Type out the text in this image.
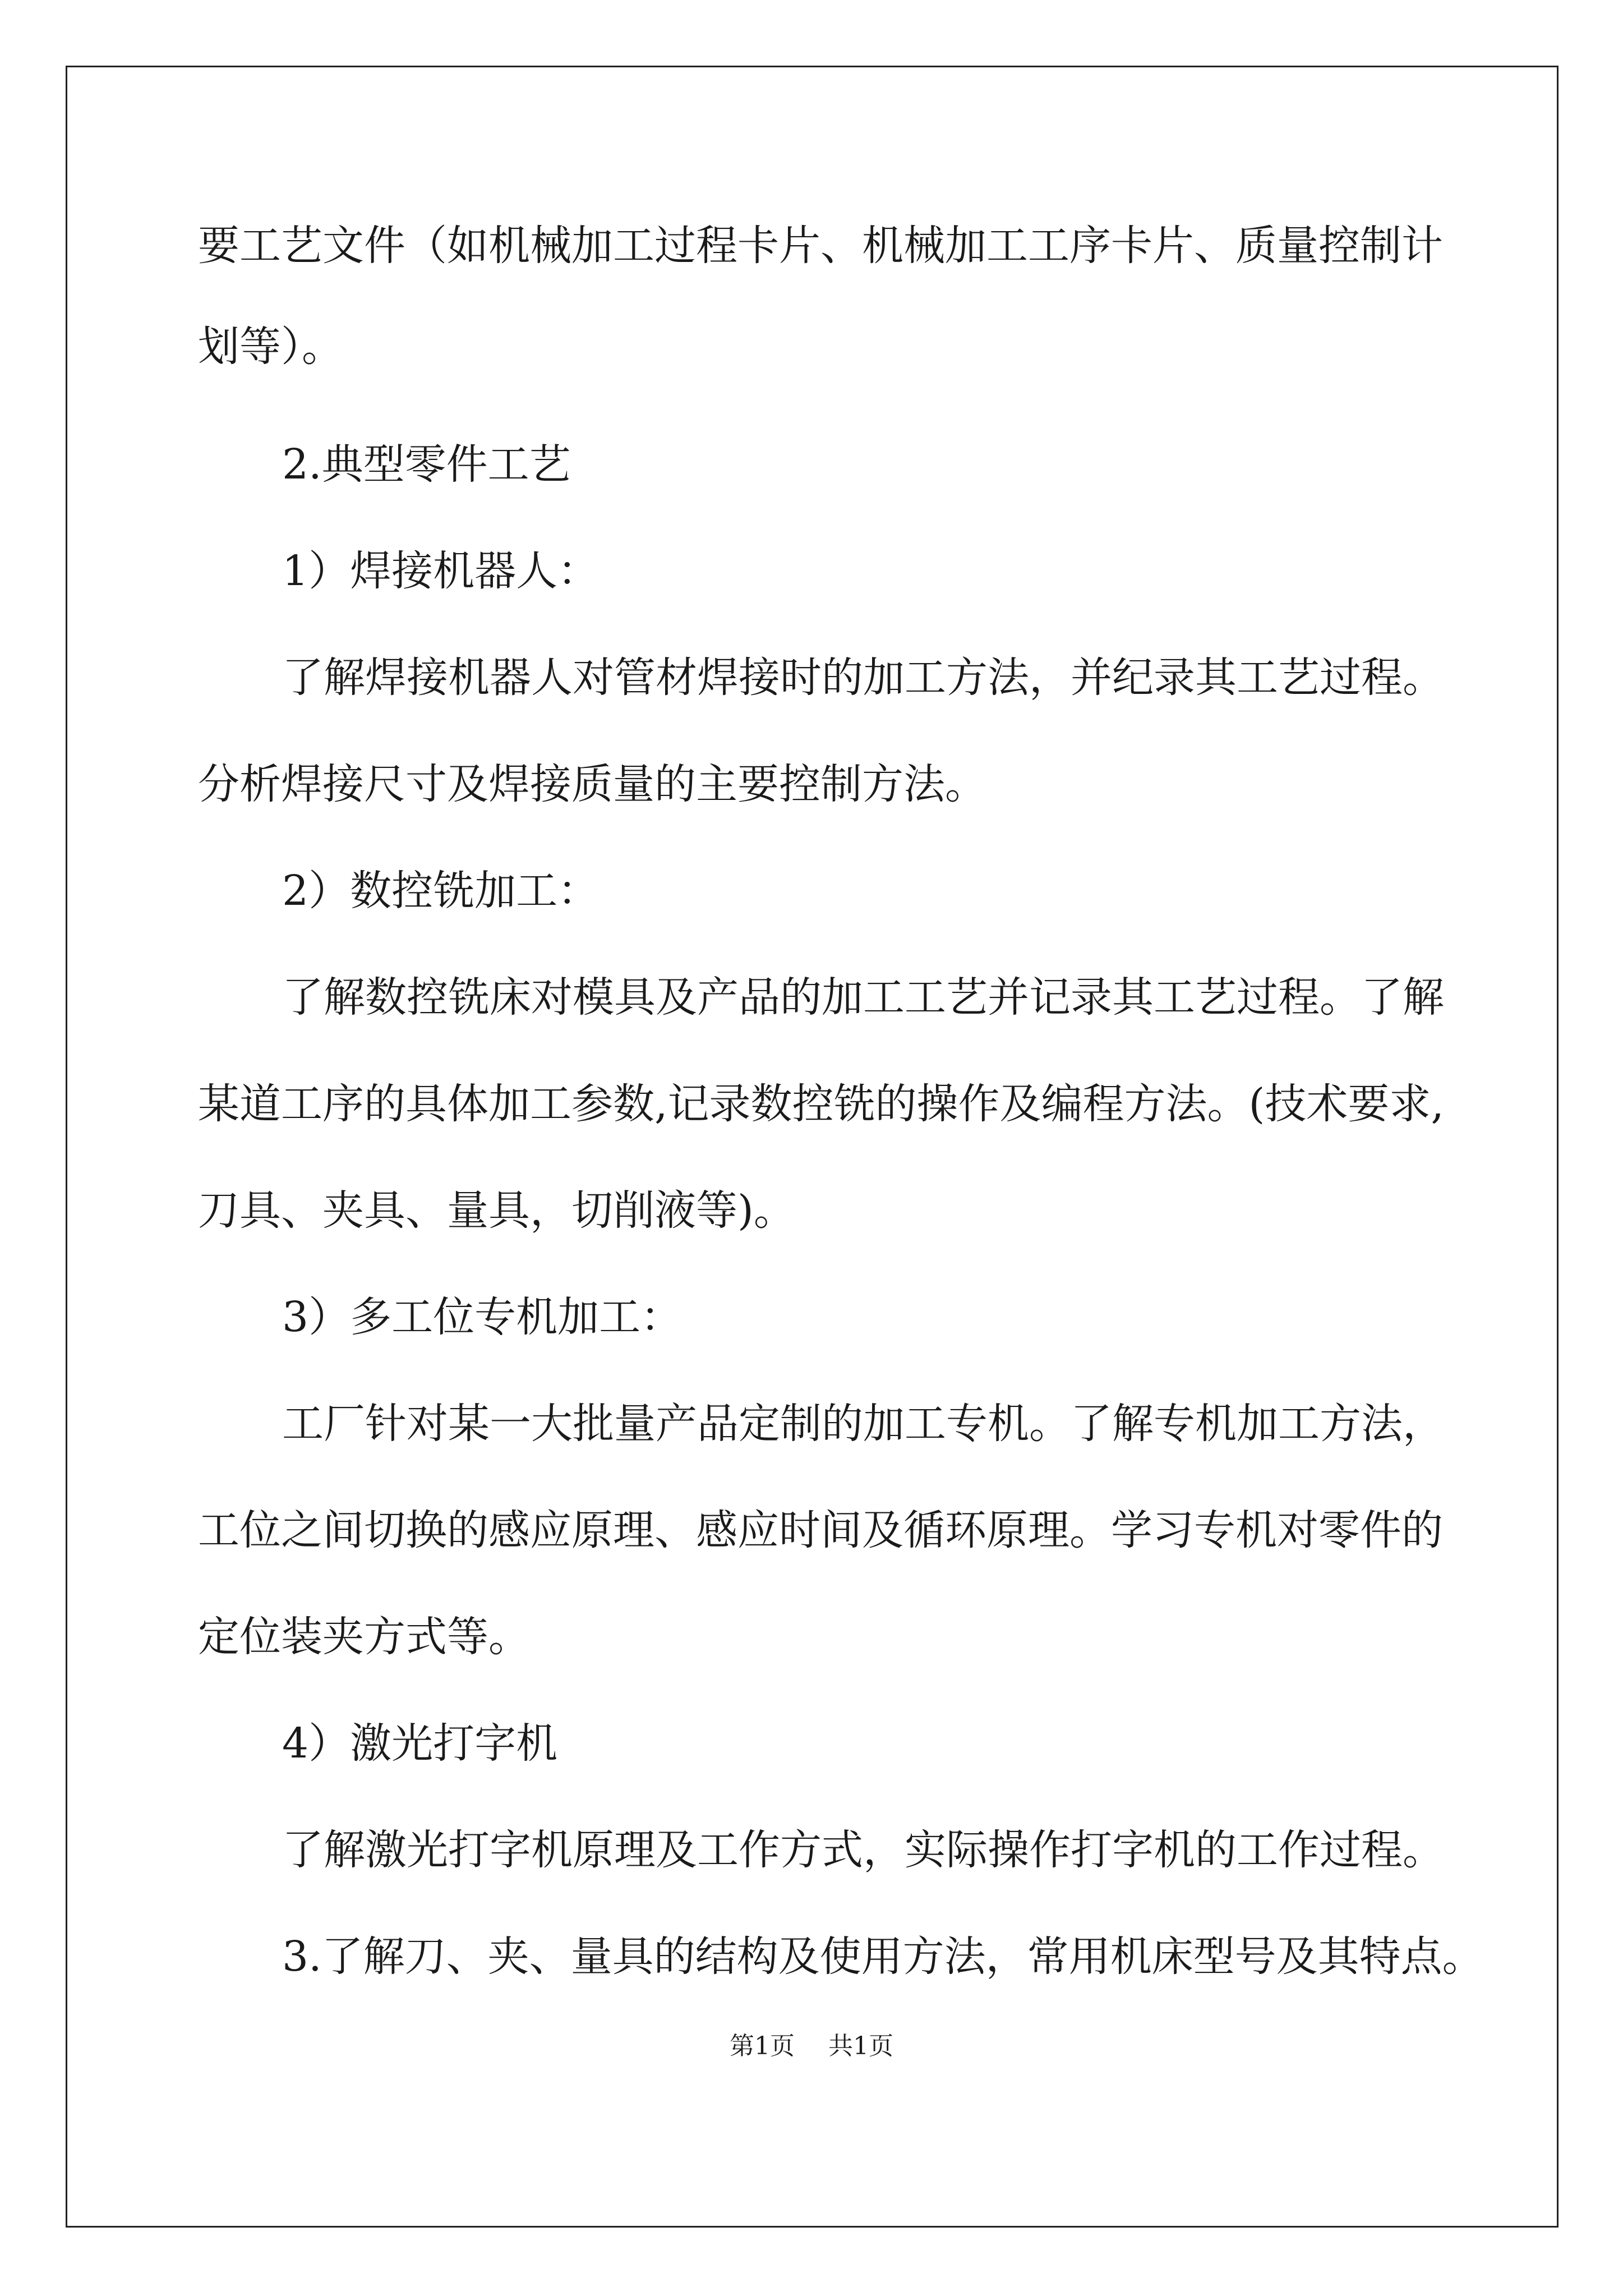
要工艺文件（如机械加工过程卡片、机械加工工序卡片、质量控制计
划等）。
2.典型零件工艺
1）焊接机器人：
了解焊接机器人对管材焊接时的加工方法，并纪录其工艺过程。
分析焊接尺寸及焊接质量的主要控制方法。
2）数控铣加工：
了解数控铣床对模具及产品的加工工艺并记录其工艺过程。了解
某道工序的具体加工参数,记录数控铣的操作及编程方法。(技术要求,
刀具、夹具、量具，切削液等)。
3）多工位专机加工：
工厂针对某一大批量产品定制的加工专机。了解专机加工方法，
工位之间切换的感应原理、感应时间及循环原理。学习专机对零件的
定位装夹方式等。
4）激光打字机
了解激光打字机原理及工作方式，实际操作打字机的工作过程。
3.了解刀、夹、量具的结构及使用方法，常用机床型号及其特点。
第1页 共1页
